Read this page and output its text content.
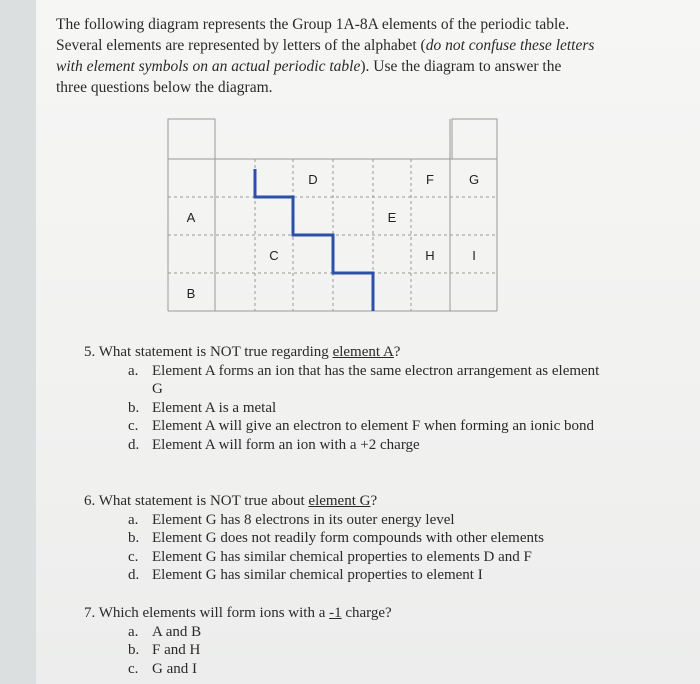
The following diagram represents the Group 1A-8A elements of the periodic table. Several elements are represented by letters of the alphabet (do not confuse these letters with element symbols on an actual periodic table). Use the diagram to answer the three questions below the diagram.

A
B
C
D
E
F	G
H	I

5. What statement is NOT true regarding element A?

a. Element A forms an ion that has the same electron arrangement as element G
b. Element A is a metal
c. Element A will give an electron to element F when forming an ionic bond
d. Element A will form an ion with a +2 charge

6. What statement is NOT true about element G?

a. Element G has 8 electrons in its outer energy level
b. Element G does not readily form compounds with other elements
c. Element G has similar chemical properties to elements D and F
d. Element G has similar chemical properties to element I

7. Which elements will form ions with a -1 charge?

a. A and B
b. F and H
c. G and I
